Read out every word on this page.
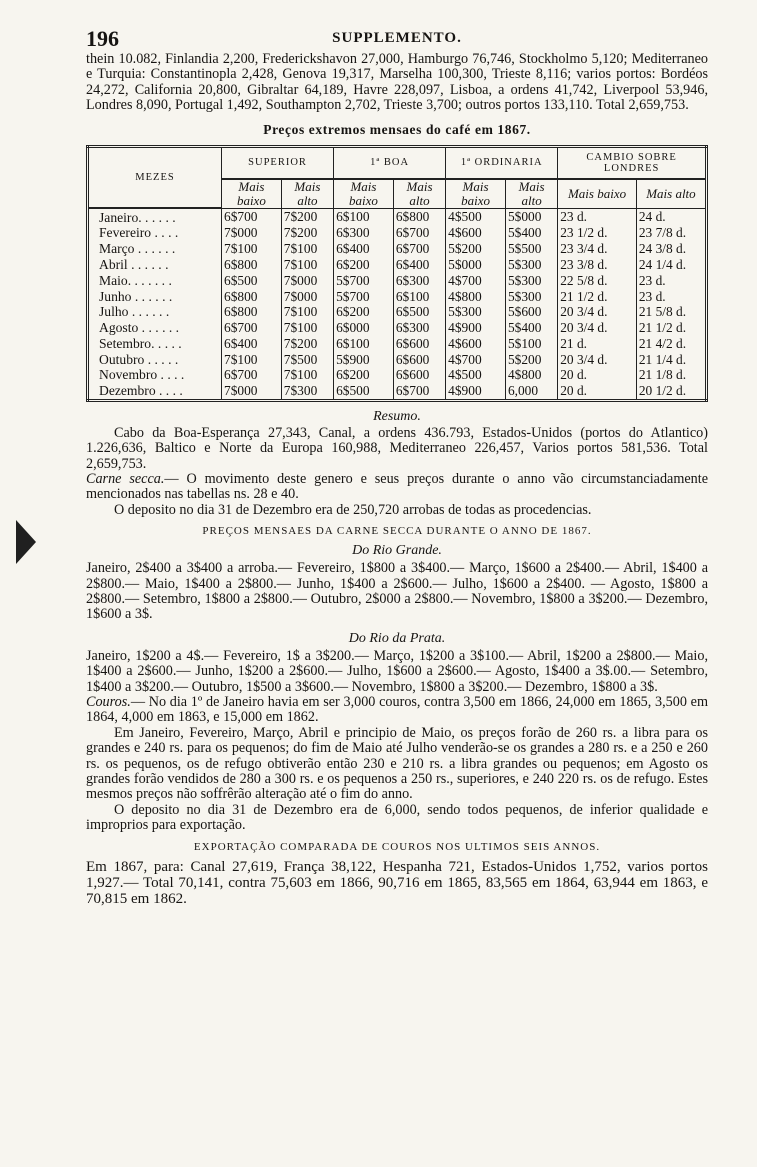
196	SUPPLEMENTO.

thein 10.082, Finlandia 2,200, Frederickshavon 27,000, Hamburgo 76,746, Stockholmo 5,120; Mediterraneo e Turquia: Constantinopla 2,428, Genova 19,317, Marselha 100,300, Trieste 8,116; varios portos: Bordéos 24,272, California 20,800, Gibraltar 64,189, Havre 228,097, Lisboa, a ordens 41,742, Liverpool 53,946, Londres 8,090, Portugal 1,492, Southampton 2,702, Trieste 3,700; outros portos 133,110. Total 2,659,753.

Preços extremos mensaes do café em 1867.

MEZES	SUPERIOR		1ª BOA		1ª ORDINARIA		CAMBIO SOBRE LONDRES	
	Mais baixo	Mais alto	Mais baixo	Mais alto	Mais baixo	Mais alto	Mais baixo	Mais alto
Janeiro. . . . . .	6$700	7$200	6$100	6$800	4$500	5$000	23 d.	24 d.
Fevereiro . . . .	7$000	7$200	6$300	6$700	4$600	5$400	23 1/2 d.	23 7/8 d.
Março . . . . . .	7$100	7$100	6$400	6$700	5$200	5$500	23 3/4 d.	24 3/8 d.
Abril . . . . . .	6$800	7$100	6$200	6$400	5$000	5$300	23 3/8 d.	24 1/4 d.
Maio. . . . . . .	6$500	7$000	5$700	6$300	4$700	5$300	22 5/8 d.	23 d.
Junho . . . . . .	6$800	7$000	5$700	6$100	4$800	5$300	21 1/2 d.	23 d.
Julho . . . . . .	6$800	7$100	6$200	6$500	5$300	5$600	20 3/4 d.	21 5/8 d.
Agosto . . . . . .	6$700	7$100	6$000	6$300	4$900	5$400	20 3/4 d.	21 1/2 d.
Setembro. . . . .	6$400	7$200	6$100	6$600	4$600	5$100	21 d.	21 4/2 d.
Outubro . . . . .	7$100	7$500	5$900	6$600	4$700	5$200	20 3/4 d.	21 1/4 d.
Novembro . . . .	6$700	7$100	6$200	6$600	4$500	4$800	20 d.	21 1/8 d.
Dezembro . . . .	7$000	7$300	6$500	6$700	4$900	6,000	20 d.	20 1/2 d.

Resumo.

Cabo da Boa-Esperança 27,343, Canal, a ordens 436.793, Estados-Unidos (portos do Atlantico) 1.226,636, Baltico e Norte da Europa 160,988, Mediterraneo 226,457, Varios portos 581,536. Total 2,659,753.

Carne secca.— O movimento deste genero e seus preços durante o anno vão circumstanciadamente mencionados nas tabellas ns. 28 e 40.

O deposito no dia 31 de Dezembro era de 250,720 arrobas de todas as procedencias.

PREÇOS MENSAES DA CARNE SECCA DURANTE O ANNO DE 1867.

Do Rio Grande.

Janeiro, 2$400 a 3$400 a arroba.— Fevereiro, 1$800 a 3$400.— Março, 1$600 a 2$400.— Abril, 1$400 a 2$800.— Maio, 1$400 a 2$800.— Junho, 1$400 a 2$600.— Julho, 1$600 a 2$400. — Agosto, 1$800 a 2$800.— Setembro, 1$800 a 2$800.— Outubro, 2$000 a 2$800.— Novembro, 1$800 a 3$200.— Dezembro, 1$600 a 3$.

Do Rio da Prata.

Janeiro, 1$200 a 4$.— Fevereiro, 1$ a 3$200.— Março, 1$200 a 3$100.— Abril, 1$200 a 2$800.— Maio, 1$400 a 2$600.— Junho, 1$200 a 2$600.— Julho, 1$600 a 2$600.— Agosto, 1$400 a 3$.00.— Setembro, 1$400 a 3$200.— Outubro, 1$500 a 3$600.— Novembro, 1$800 a 3$200.— Dezembro, 1$800 a 3$.

Couros.— No dia 1º de Janeiro havia em ser 3,000 couros, contra 3,500 em 1866, 24,000 em 1865, 3,500 em 1864, 4,000 em 1863, e 15,000 em 1862.

Em Janeiro, Fevereiro, Março, Abril e principio de Maio, os preços forão de 260 rs. a libra para os grandes e 240 rs. para os pequenos; do fim de Maio até Julho venderão-se os grandes a 280 rs. e a 250 e 260 rs. os pequenos, os de refugo obtiverão então 230 e 210 rs. a libra grandes ou pequenos; em Agosto os grandes forão vendidos de 280 a 300 rs. e os pequenos a 250 rs., superiores, e 240 220 rs. os de refugo. Estes mesmos preços não soffrêrão alteração até o fim do anno.

O deposito no dia 31 de Dezembro era de 6,000, sendo todos pequenos, de inferior qualidade e improprios para exportação.

EXPORTAÇÃO COMPARADA DE COUROS NOS ULTIMOS SEIS ANNOS.

Em 1867, para: Canal 27,619, França 38,122, Hespanha 721, Estados-Unidos 1,752, varios portos 1,927.— Total 70,141, contra 75,603 em 1866, 90,716 em 1865, 83,565 em 1864, 63,944 em 1863, e 70,815 em 1862.
